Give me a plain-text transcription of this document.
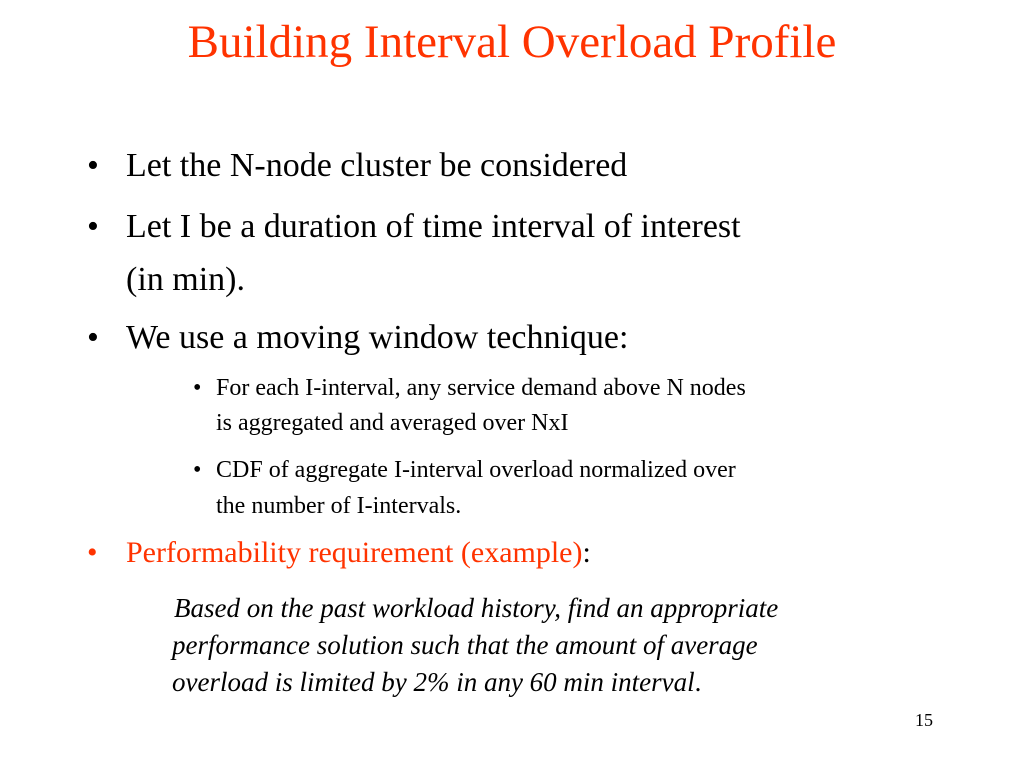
Building Interval Overload Profile
• Let the N-node cluster be considered
• Let I be a duration of time interval of interest
(in min).
• We use a moving window technique:
• For each I-interval, any service demand above N nodes
is aggregated and averaged over NxI
• CDF of aggregate I-interval overload normalized over
the number of I-intervals.
• Performability requirement (example):
Based on the past workload history, find an appropriate
performance solution such that the amount of average
overload is limited by 2% in any 60 min interval.
15
